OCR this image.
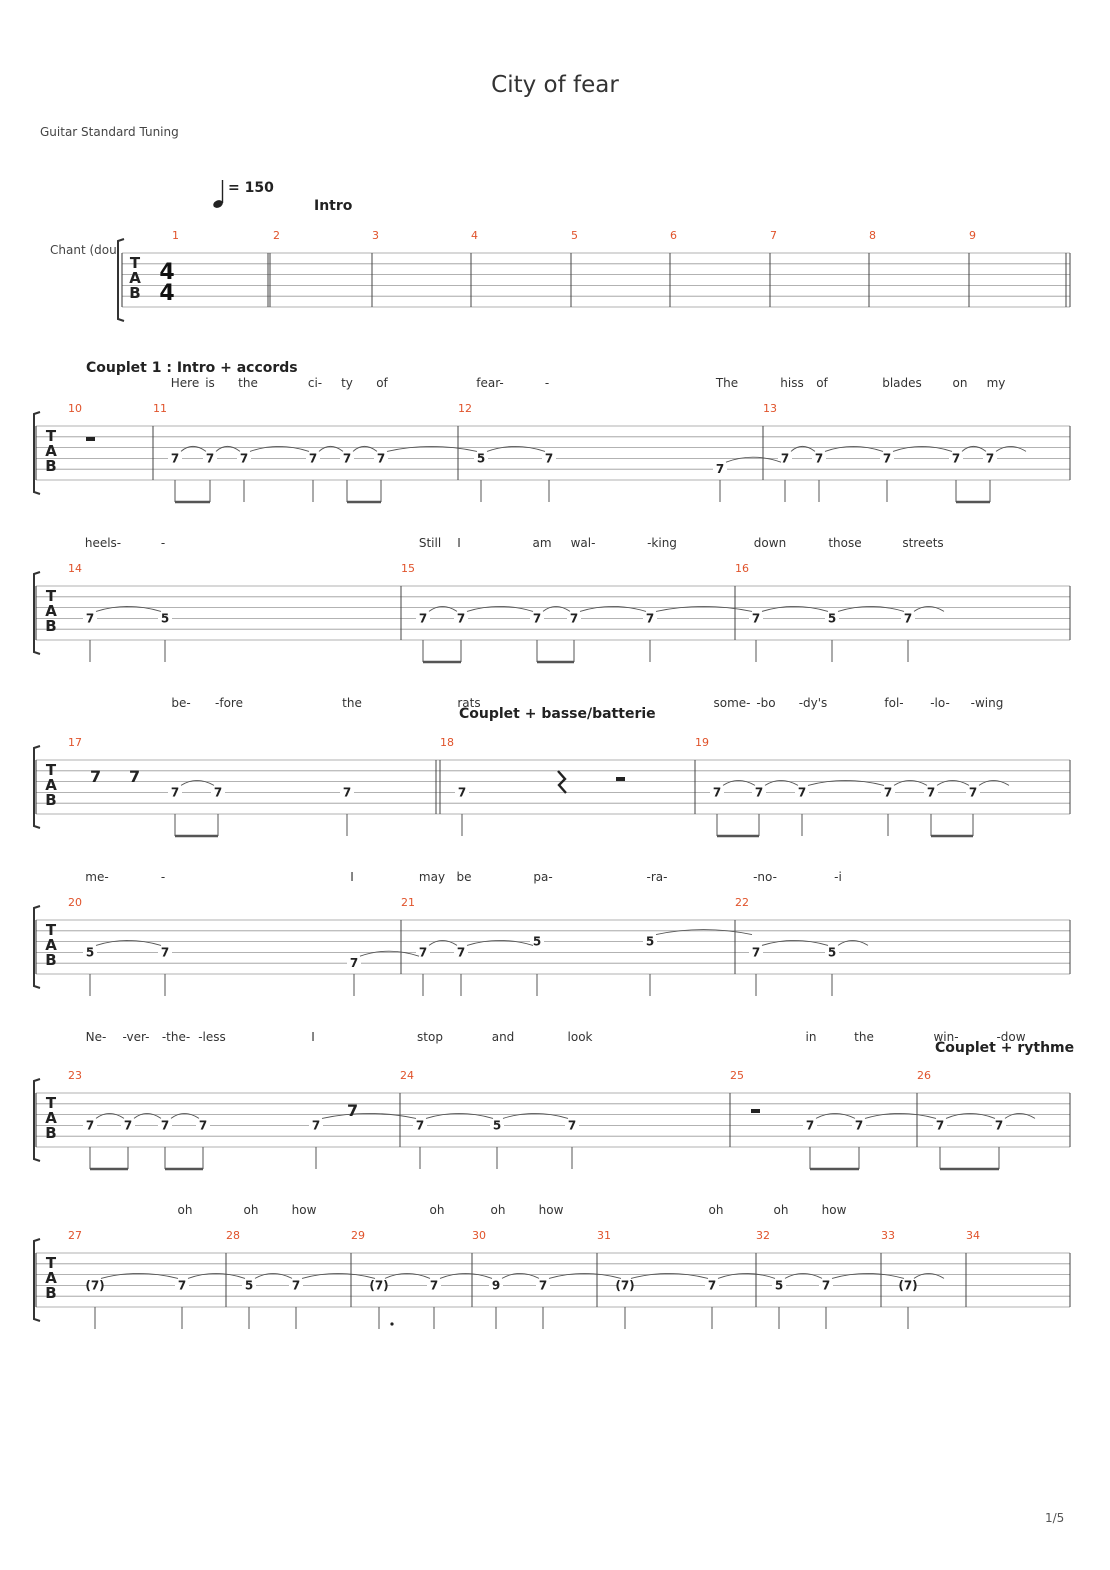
City of fear
Guitar Standard Tuning
= 150
Chant (dou
1/5
Intro
Couplet 1 : Intro + accords
Couplet + basse/batterie
Couplet + rythme
Here is the	ci- ty of	fear-	-	The	hiss of	blades	on my
heels-	-	Still I	am wal-	-king	down	those	streets
be- -fore	the	rats	some- -bo -dy's	fol- -lo- -wing
me-	-	I	may be	pa-	-ra-	-no-	-i
Ne- -ver- -the- -less	I	stop	and	look	in	the	win-	-dow
oh	oh	how	oh	oh	how	oh	oh	how
T
A
B
4
4
1	2	3	4	5	6	7	8	9
T
A
B
10	11	12	13
7 7 7	7 7 7	5	7
7
7 7	7	7 7
T
A
B
14	15	16
7	5	7 7	7 7	7	7	5	7
T
A
B
17	18	19
7	7	7	7	7	7	7	7	7	7
T
A
B
20	21	22
5	7
7
7 7
5	5
7	5
T
A
B
23	24	25	26
7 7 7 7	7	7	5	7	7	7	7	7
T
A
B
27	28	29	30	31	32	33	34
(7)	7	5	7	(7)	7	9	7	(7)	7	5	7	(7)
7 7
7
